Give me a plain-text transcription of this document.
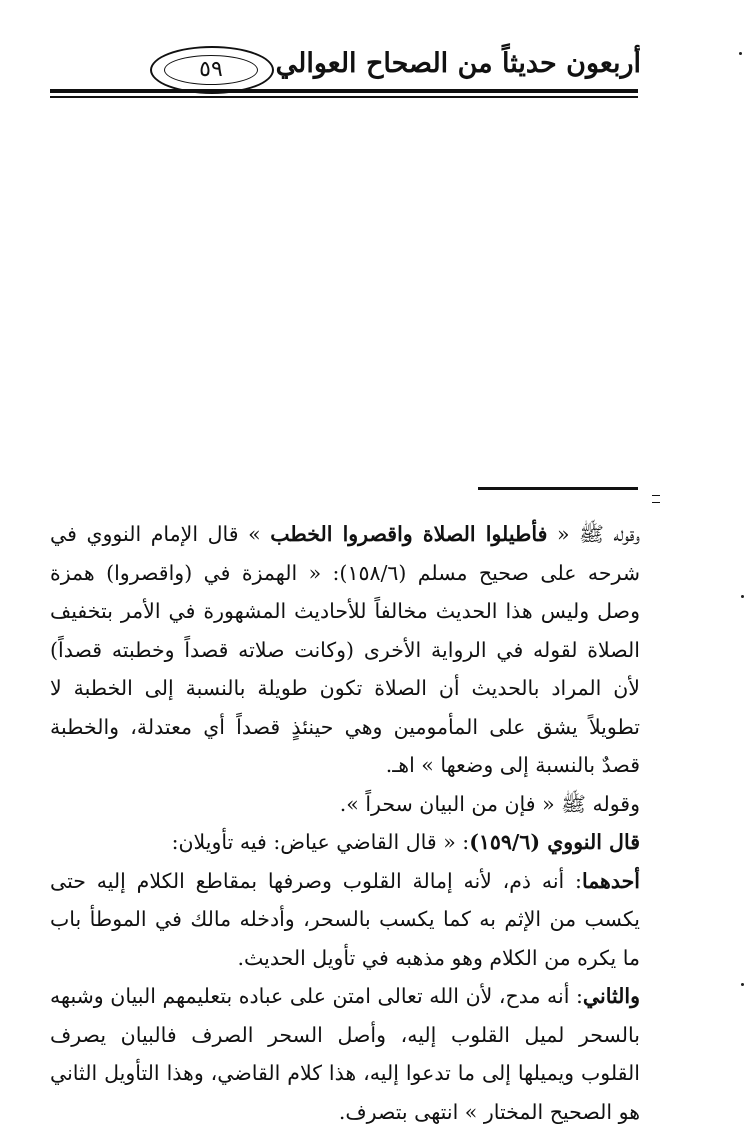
أربعون حديثاً من الصحاح العوالي
٥٩

وقوله ﷺ « فأطيلوا الصلاة واقصروا الخطب » قال الإمام النووي في شرحه على صحيح مسلم (١٥٨/٦): « الهمزة في (واقصروا) همزة وصل وليس هذا الحديث مخالفاً للأحاديث المشهورة في الأمر بتخفيف الصلاة لقوله في الرواية الأخرى (وكانت صلاته قصداً وخطبته قصداً) لأن المراد بالحديث أن الصلاة تكون طويلة بالنسبة إلى الخطبة لا تطويلاً يشق على المأمومين وهي حينئذٍ قصداً أي معتدلة، والخطبة قصدٌ بالنسبة إلى وضعها » اهـ.

وقوله ﷺ « فإن من البيان سحراً ».

قال النووي (١٥٩/٦): « قال القاضي عياض: فيه تأويلان:

أحدهما: أنه ذم، لأنه إمالة القلوب وصرفها بمقاطع الكلام إليه حتى يكسب من الإثم به كما يكسب بالسحر، وأدخله مالك في الموطأ باب ما يكره من الكلام وهو مذهبه في تأويل الحديث.

والثاني: أنه مدح، لأن الله تعالى امتن على عباده بتعليمهم البيان وشبهه بالسحر لميل القلوب إليه، وأصل السحر الصرف فالبيان يصرف القلوب ويميلها إلى ما تدعوا إليه، هذا كلام القاضي، وهذا التأويل الثاني هو الصحيح المختار » انتهى بتصرف.
